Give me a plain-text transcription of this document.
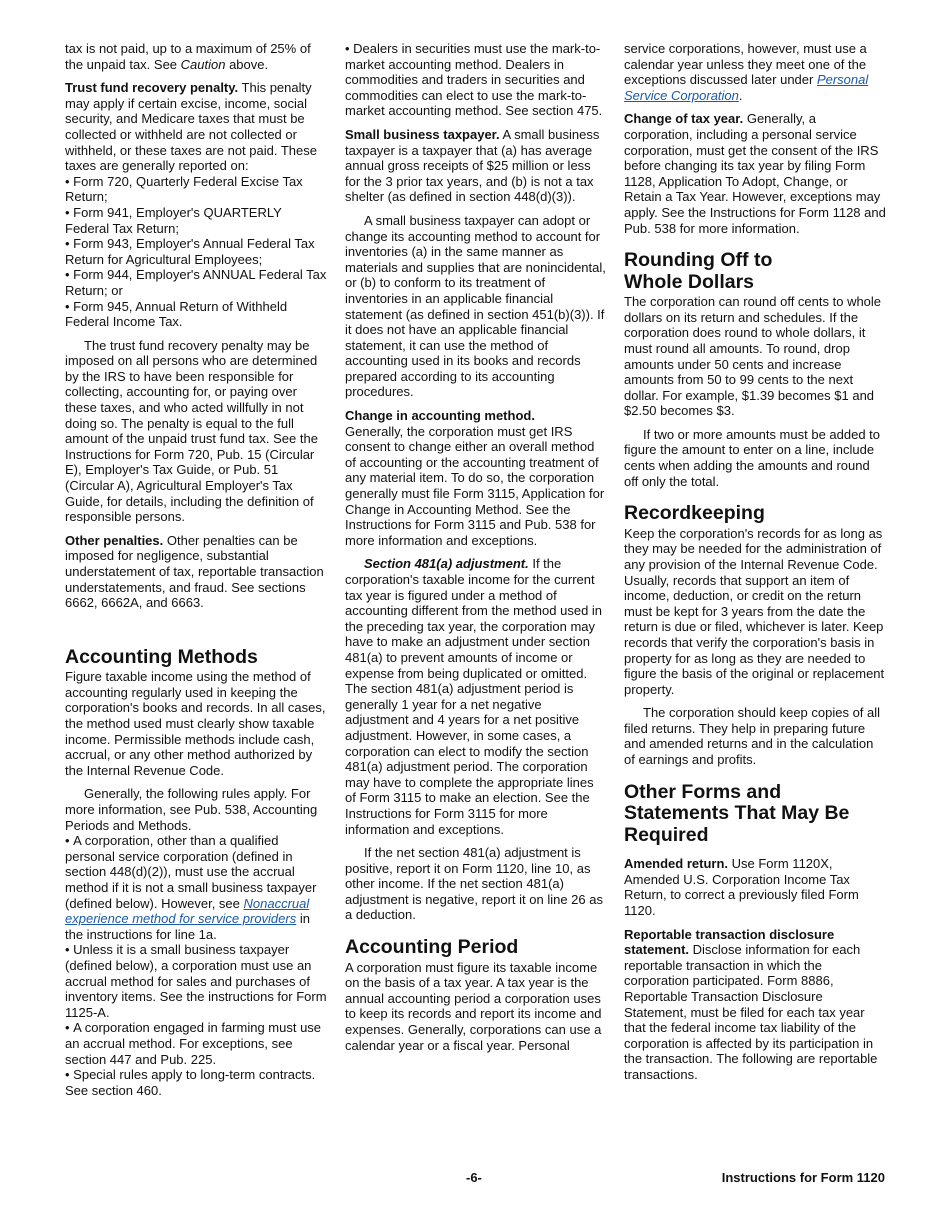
tax is not paid, up to a maximum of 25% of the unpaid tax. See Caution above.

Trust fund recovery penalty. This penalty may apply if certain excise, income, social security, and Medicare taxes that must be collected or withheld are not collected or withheld, or these taxes are not paid. These taxes are generally reported on:

• Form 720, Quarterly Federal Excise Tax Return;

• Form 941, Employer's QUARTERLY Federal Tax Return;

• Form 943, Employer's Annual Federal Tax Return for Agricultural Employees;

• Form 944, Employer's ANNUAL Federal Tax Return; or

• Form 945, Annual Return of Withheld Federal Income Tax.

The trust fund recovery penalty may be imposed on all persons who are determined by the IRS to have been responsible for collecting, accounting for, or paying over these taxes, and who acted willfully in not doing so. The penalty is equal to the full amount of the unpaid trust fund tax. See the Instructions for Form 720, Pub. 15 (Circular E), Employer's Tax Guide, or Pub. 51 (Circular A), Agricultural Employer's Tax Guide, for details, including the definition of responsible persons.

Other penalties. Other penalties can be imposed for negligence, substantial understatement of tax, reportable transaction understatements, and fraud. See sections 6662, 6662A, and 6663.

Accounting Methods

Figure taxable income using the method of accounting regularly used in keeping the corporation's books and records. In all cases, the method used must clearly show taxable income. Permissible methods include cash, accrual, or any other method authorized by the Internal Revenue Code.

Generally, the following rules apply. For more information, see Pub. 538, Accounting Periods and Methods.

• A corporation, other than a qualified personal service corporation (defined in section 448(d)(2)), must use the accrual method if it is not a small business taxpayer (defined below). However, see Nonaccrual experience method for service providers in the instructions for line 1a.

• Unless it is a small business taxpayer (defined below), a corporation must use an accrual method for sales and purchases of inventory items. See the instructions for Form 1125-A.

• A corporation engaged in farming must use an accrual method. For exceptions, see section 447 and Pub. 225.

• Special rules apply to long-term contracts. See section 460.

• Dealers in securities must use the mark-to-market accounting method. Dealers in commodities and traders in securities and commodities can elect to use the mark-to-market accounting method. See section 475.

Small business taxpayer. A small business taxpayer is a taxpayer that (a) has average annual gross receipts of $25 million or less for the 3 prior tax years, and (b) is not a tax shelter (as defined in section 448(d)(3)).

A small business taxpayer can adopt or change its accounting method to account for inventories (a) in the same manner as materials and supplies that are nonincidental, or (b) to conform to its treatment of inventories in an applicable financial statement (as defined in section 451(b)(3)). If it does not have an applicable financial statement, it can use the method of accounting used in its books and records prepared according to its accounting procedures.

Change in accounting method.

Generally, the corporation must get IRS consent to change either an overall method of accounting or the accounting treatment of any material item. To do so, the corporation generally must file Form 3115, Application for Change in Accounting Method. See the Instructions for Form 3115 and Pub. 538 for more information and exceptions.

Section 481(a) adjustment. If the corporation's taxable income for the current tax year is figured under a method of accounting different from the method used in the preceding tax year, the corporation may have to make an adjustment under section 481(a) to prevent amounts of income or expense from being duplicated or omitted. The section 481(a) adjustment period is generally 1 year for a net negative adjustment and 4 years for a net positive adjustment. However, in some cases, a corporation can elect to modify the section 481(a) adjustment period. The corporation may have to complete the appropriate lines of Form 3115 to make an election. See the Instructions for Form 3115 for more information and exceptions.

If the net section 481(a) adjustment is positive, report it on Form 1120, line 10, as other income. If the net section 481(a) adjustment is negative, report it on line 26 as a deduction.

Accounting Period

A corporation must figure its taxable income on the basis of a tax year. A tax year is the annual accounting period a corporation uses to keep its records and report its income and expenses. Generally, corporations can use a calendar year or a fiscal year. Personal

service corporations, however, must use a calendar year unless they meet one of the exceptions discussed later under Personal Service Corporation.

Change of tax year. Generally, a corporation, including a personal service corporation, must get the consent of the IRS before changing its tax year by filing Form 1128, Application To Adopt, Change, or Retain a Tax Year. However, exceptions may apply. See the Instructions for Form 1128 and Pub. 538 for more information.

Rounding Off to
Whole Dollars

The corporation can round off cents to whole dollars on its return and schedules. If the corporation does round to whole dollars, it must round all amounts. To round, drop amounts under 50 cents and increase amounts from 50 to 99 cents to the next dollar. For example, $1.39 becomes $1 and $2.50 becomes $3.

If two or more amounts must be added to figure the amount to enter on a line, include cents when adding the amounts and round off only the total.

Recordkeeping

Keep the corporation's records for as long as they may be needed for the administration of any provision of the Internal Revenue Code. Usually, records that support an item of income, deduction, or credit on the return must be kept for 3 years from the date the return is due or filed, whichever is later. Keep records that verify the corporation's basis in property for as long as they are needed to figure the basis of the original or replacement property.

The corporation should keep copies of all filed returns. They help in preparing future and amended returns and in the calculation of earnings and profits.

Other Forms and
Statements That May Be
Required

Amended return. Use Form 1120X, Amended U.S. Corporation Income Tax Return, to correct a previously filed Form 1120.

Reportable transaction disclosure statement. Disclose information for each reportable transaction in which the corporation participated. Form 8886, Reportable Transaction Disclosure Statement, must be filed for each tax year that the federal income tax liability of the corporation is affected by its participation in the transaction. The following are reportable transactions.

-6-	Instructions for Form 1120
